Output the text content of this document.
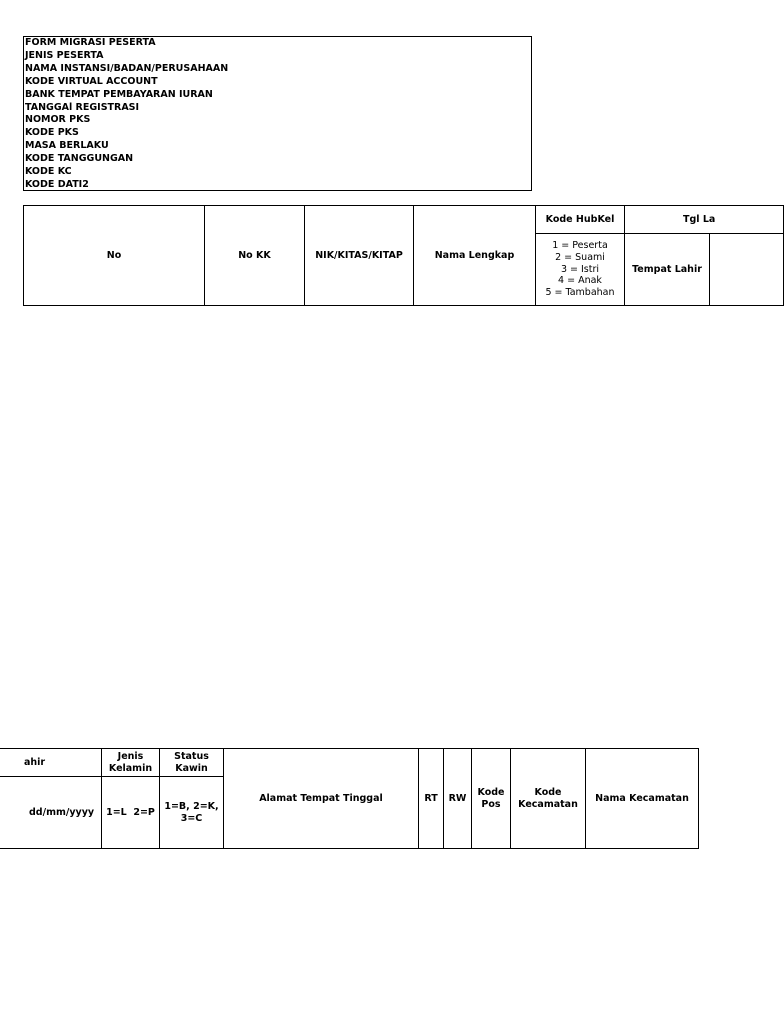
FORM MIGRASI PESERTA
JENIS PESERTA
NAMA INSTANSI/BADAN/PERUSAHAAN
KODE VIRTUAL ACCOUNT
BANK TEMPAT PEMBAYARAN IURAN
TANGGAl REGISTRASI
NOMOR PKS
KODE PKS
MASA BERLAKU
KODE TANGGUNGAN
KODE KC
KODE DATI2
No	No KK	NIK/KITAS/KITAP	Nama Lengkap	Kode HubKel	Tgl La	

				1 = Peserta
2 = Suami
3 = Istri
4 = Anak
5 = Tambahan	Tempat Lahir	
ahir	Jenis Kelamin	Status Kawin	Alamat Tempat Tinggal	RT	RW	Kode Pos	Kode Kecamatan	Nama Kecamatan
dd/mm/yyyy	1=L  2=P	1=B, 2=K, 3=C						
